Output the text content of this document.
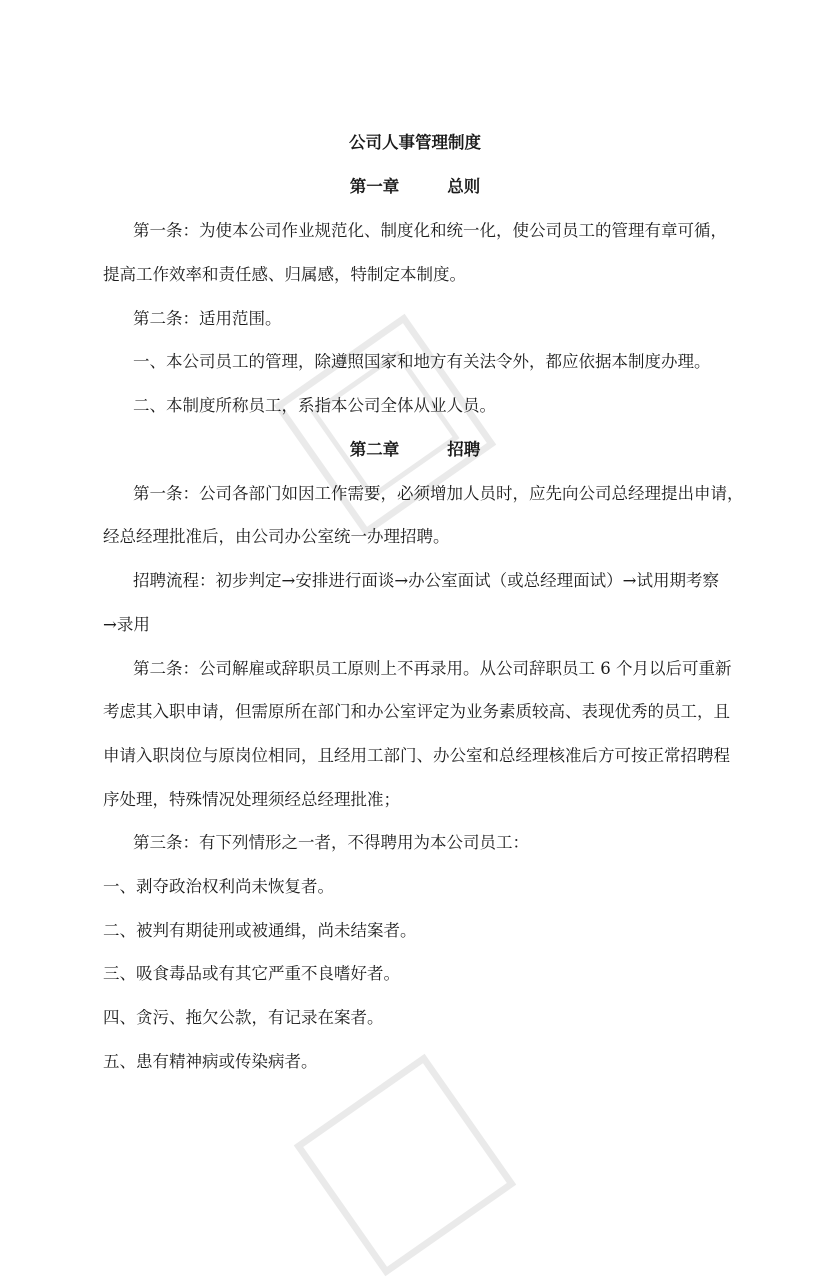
公司人事管理制度
第一章	总则
第一条：为使本公司作业规范化、制度化和统一化，使公司员工的管理有章可循，
提高工作效率和责任感、归属感，特制定本制度。
第二条：适用范围。
一、本公司员工的管理，除遵照国家和地方有关法令外，都应依据本制度办理。
二、本制度所称员工，系指本公司全体从业人员。
第二章	招聘
第一条：公司各部门如因工作需要，必须增加人员时，应先向公司总经理提出申请，
经总经理批准后，由公司办公室统一办理招聘。
招聘流程：初步判定→安排进行面谈→办公室面试（或总经理面试）→试用期考察
→录用
第二条：公司解雇或辞职员工原则上不再录用。从公司辞职员工 6 个月以后可重新
考虑其入职申请，但需原所在部门和办公室评定为业务素质较高、表现优秀的员工，且
申请入职岗位与原岗位相同，且经用工部门、办公室和总经理核准后方可按正常招聘程
序处理，特殊情况处理须经总经理批准；
第三条：有下列情形之一者，不得聘用为本公司员工：
一、剥夺政治权利尚未恢复者。
二、被判有期徒刑或被通缉，尚未结案者。
三、吸食毒品或有其它严重不良嗜好者。
四、贪污、拖欠公款，有记录在案者。
五、患有精神病或传染病者。
